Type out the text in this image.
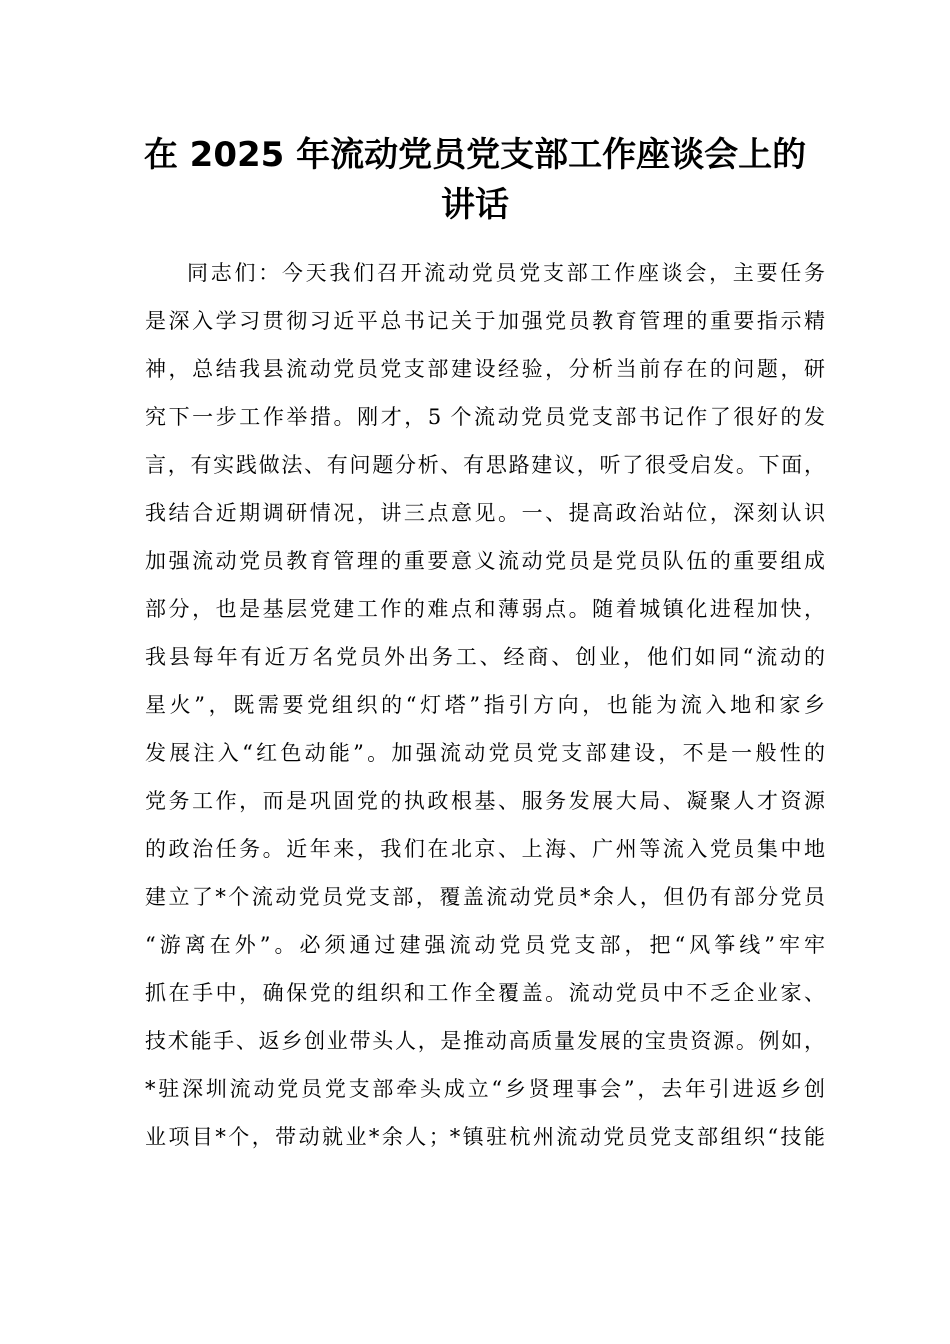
在 2025 年流动党员党支部工作座谈会上的
讲话
同志们：今天我们召开流动党员党支部工作座谈会，主要任务
是深入学习贯彻习近平总书记关于加强党员教育管理的重要指示精
神，总结我县流动党员党支部建设经验，分析当前存在的问题，研
究下一步工作举措。刚才，5 个流动党员党支部书记作了很好的发
言，有实践做法、有问题分析、有思路建议，听了很受启发。下面，
我结合近期调研情况，讲三点意见。一、提高政治站位，深刻认识
加强流动党员教育管理的重要意义流动党员是党员队伍的重要组成
部分，也是基层党建工作的难点和薄弱点。随着城镇化进程加快，
我县每年有近万名党员外出务工、经商、创业，他们如同“流动的
星火”，既需要党组织的“灯塔”指引方向，也能为流入地和家乡
发展注入“红色动能”。加强流动党员党支部建设，不是一般性的
党务工作，而是巩固党的执政根基、服务发展大局、凝聚人才资源
的政治任务。近年来，我们在北京、上海、广州等流入党员集中地
建立了*个流动党员党支部，覆盖流动党员*余人，但仍有部分党员
“游离在外”。必须通过建强流动党员党支部，把“风筝线”牢牢
抓在手中，确保党的组织和工作全覆盖。流动党员中不乏企业家、
技术能手、返乡创业带头人，是推动高质量发展的宝贵资源。例如，
*驻深圳流动党员党支部牵头成立“乡贤理事会”，去年引进返乡创
业项目*个，带动就业*余人；*镇驻杭州流动党员党支部组织“技能
